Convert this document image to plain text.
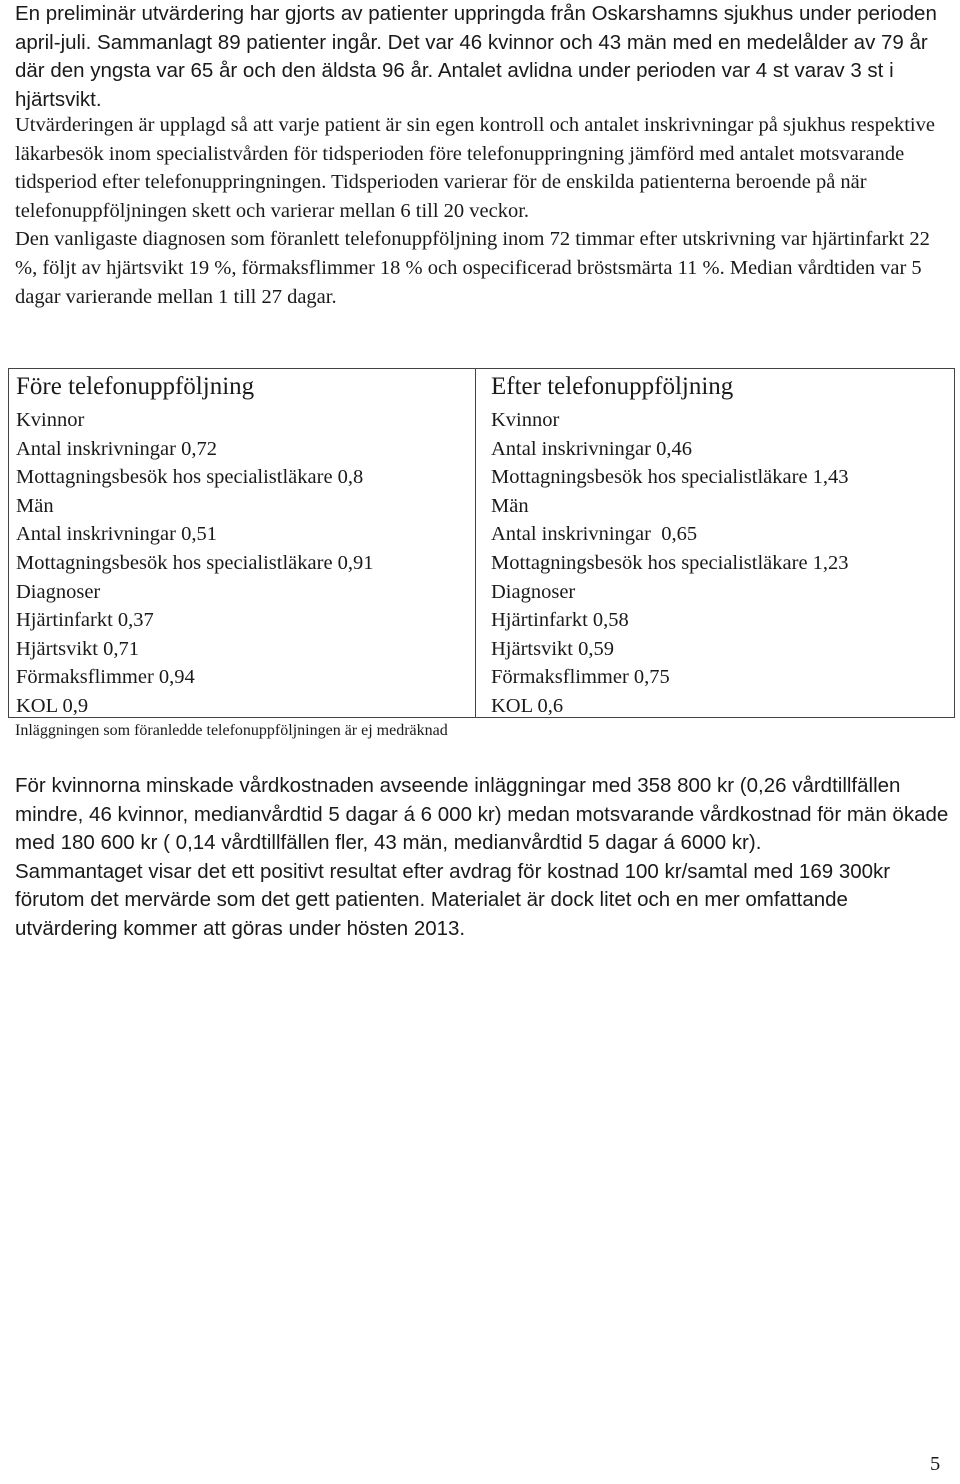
En preliminär utvärdering har gjorts av patienter uppringda från Oskarshamns sjukhus under perioden april-juli. Sammanlagt 89 patienter ingår. Det var 46 kvinnor och 43 män med en medelålder av 79 år där den yngsta var 65 år och den äldsta 96 år. Antalet avlidna under perioden var 4 st varav 3 st i hjärtsvikt.

Utvärderingen är upplagd så att varje patient är sin egen kontroll och antalet inskrivningar på sjukhus respektive läkarbesök inom specialistvården för tidsperioden före telefonuppringning jämförd med antalet motsvarande tidsperiod efter telefonuppringningen. Tidsperioden varierar för de enskilda patienterna beroende på när telefonuppföljningen skett och varierar mellan 6 till 20 veckor.
Den vanligaste diagnosen som föranlett telefonuppföljning inom 72 timmar efter utskrivning var hjärtinfarkt 22 %, följt av hjärtsvikt 19 %, förmaksflimmer 18 % och ospecificerad bröstsmärta 11 %. Median vårdtiden var 5 dagar varierande mellan 1 till 27 dagar.
Före telefonuppföljning
Kvinnor
Antal inskrivningar 0,72
Mottagningsbesök hos specialistläkare 0,8
Män
Antal inskrivningar 0,51
Mottagningsbesök hos specialistläkare 0,91
Diagnoser
Hjärtinfarkt 0,37
Hjärtsvikt 0,71
Förmaksflimmer 0,94
KOL 0,9
Efter telefonuppföljning
Kvinnor
Antal inskrivningar 0,46
Mottagningsbesök hos specialistläkare 1,43
Män
Antal inskrivningar  0,65
Mottagningsbesök hos specialistläkare 1,23
Diagnoser
Hjärtinfarkt 0,58
Hjärtsvikt 0,59
Förmaksflimmer 0,75
KOL 0,6
Inläggningen som föranledde telefonuppföljningen är ej medräknad
För kvinnorna minskade vårdkostnaden avseende inläggningar med 358 800 kr (0,26 vårdtillfällen mindre, 46 kvinnor, medianvårdtid 5 dagar á 6 000 kr) medan motsvarande vårdkostnad för män ökade med 180 600 kr ( 0,14 vårdtillfällen fler, 43 män, medianvårdtid 5 dagar á 6000 kr).
Sammantaget visar det ett positivt resultat efter avdrag för kostnad 100 kr/samtal med 169 300kr förutom det mervärde som det gett patienten. Materialet är dock litet och en mer omfattande utvärdering kommer att göras under hösten 2013.
5
